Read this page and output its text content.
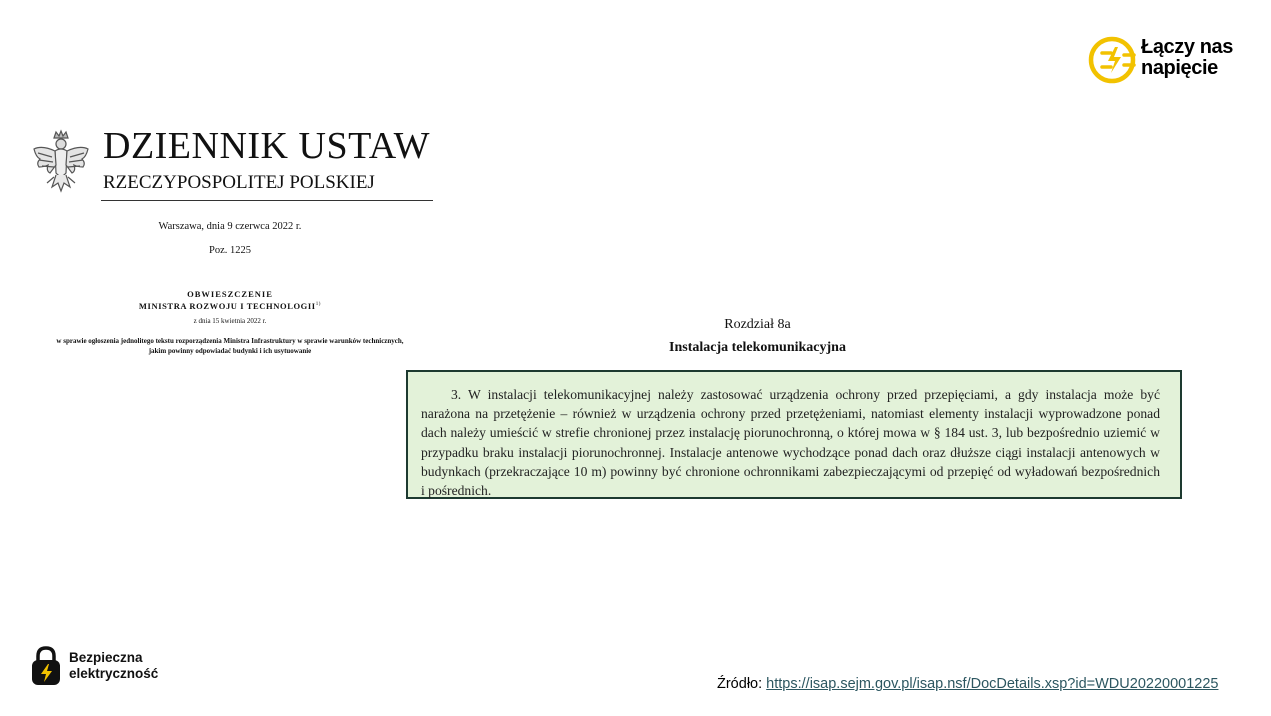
Łączy nas
napięcie
DZIENNIK USTAW
RZECZYPOSPOLITEJ POLSKIEJ
Warszawa, dnia 9 czerwca 2022 r.
Poz. 1225
OBWIESZCZENIE
MINISTRA ROZWOJU I TECHNOLOGII$^{1)}$
z dnia 15 kwietnia 2022 r.
w sprawie ogłoszenia jednolitego tekstu rozporządzenia Ministra Infrastruktury w sprawie warunków technicznych, jakim powinny odpowiadać budynki i ich usytuowanie
Rozdział 8a
Instalacja telekomunikacyjna

3. W instalacji telekomunikacyjnej należy zastosować urządzenia ochrony przed przepięciami, a gdy instalacja może być narażona na przetężenie – również w urządzenia ochrony przed przetężeniami, natomiast elementy instalacji wyprowadzone ponad dach należy umieścić w strefie chronionej przez instalację piorunochronną, o której mowa w § 184 ust. 3, lub bezpośrednio uziemić w przypadku braku instalacji piorunochronnej. Instalacje antenowe wychodzące ponad dach oraz dłuższe ciągi instalacji antenowych w budynkach (przekraczające 10 m) powinny być chronione ochronnikami zabezpieczającymi od przepięć od wyładowań bezpośrednich i pośrednich.

Bezpieczna
elektryczność
Źródło: https://isap.sejm.gov.pl/isap.nsf/DocDetails.xsp?id=WDU20220001225
